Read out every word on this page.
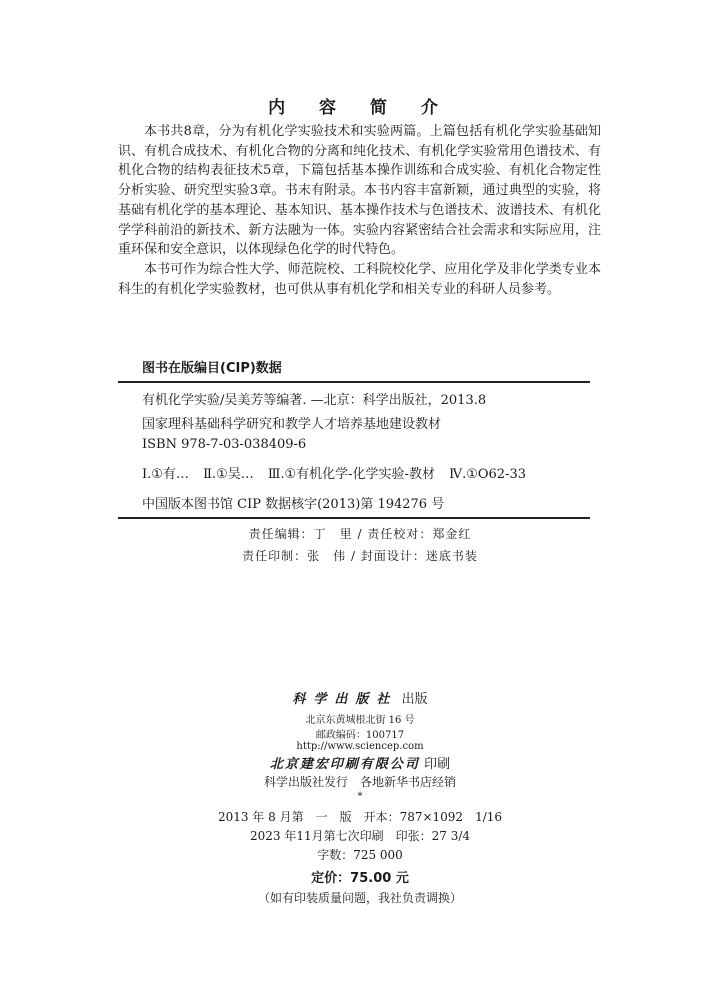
内 容 简 介

本书共8章，分为有机化学实验技术和实验两篇。上篇包括有机化学实验基础知识、有机合成技术、有机化合物的分离和纯化技术、有机化学实验常用色谱技术、有机化合物的结构表征技术5章，下篇包括基本操作训练和合成实验、有机化合物定性分析实验、研究型实验3章。书末有附录。本书内容丰富新颖，通过典型的实验，将基础有机化学的基本理论、基本知识、基本操作技术与色谱技术、波谱技术、有机化学学科前沿的新技术、新方法融为一体。实验内容紧密结合社会需求和实际应用，注重环保和安全意识，以体现绿色化学的时代特色。

本书可作为综合性大学、师范院校、工科院校化学、应用化学及非化学类专业本科生的有机化学实验教材，也可供从事有机化学和相关专业的科研人员参考。

图书在版编目(CIP)数据
有机化学实验/吴美芳等编著. —北京：科学出版社，2013.8
国家理科基础科学研究和教学人才培养基地建设教材
ISBN 978-7-03-038409-6
Ⅰ.①有… Ⅱ.①吴… Ⅲ.①有机化学-化学实验-教材 Ⅳ.①O62-33
中国版本图书馆 CIP 数据核字(2013)第 194276 号
责任编辑：丁　里 / 责任校对：郑金红
责任印制：张　伟 / 封面设计：迷底书装
科学出版社 出版
北京东黄城根北街 16 号
邮政编码：100717
http://www.sciencep.com
北京建宏印刷有限公司 印刷
科学出版社发行　各地新华书店经销
*
2013 年 8 月第　一　版　开本：787×1092　1/16
2023 年11月第七次印刷　印张：27 3/4
字数：725 000
定价：75.00 元
（如有印装质量问题，我社负责调换）
